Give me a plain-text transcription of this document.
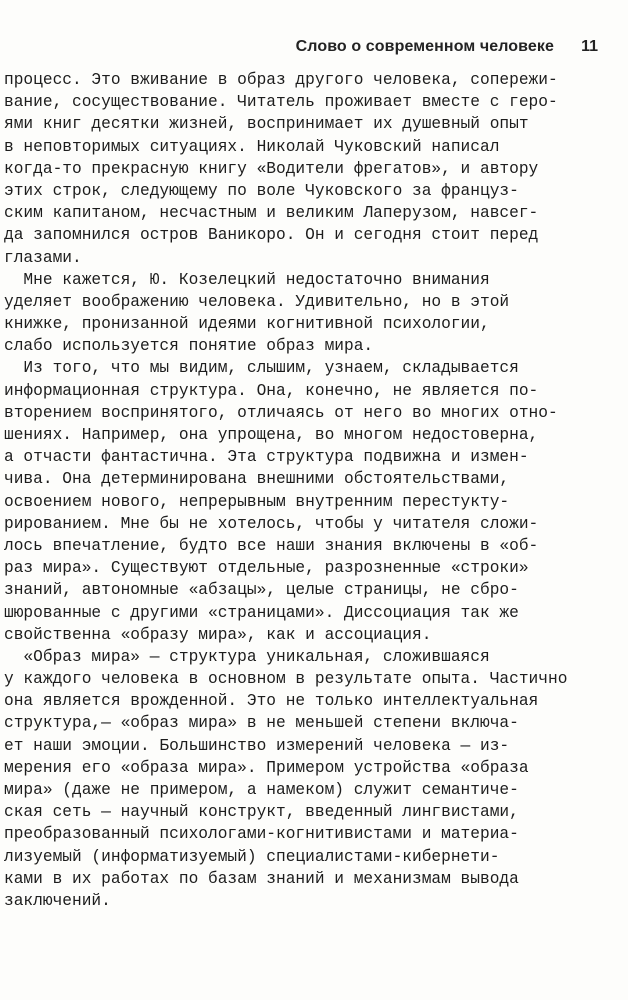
Слово о современном человеке 11
процесс. Это вживание в образ другого человека, сопережи-
вание, сосуществование. Читатель проживает вместе с геро-
ями книг десятки жизней, воспринимает их душевный опыт
в неповторимых ситуациях. Николай Чуковский написал
когда-то прекрасную книгу «Водители фрегатов», и автору
этих строк, следующему по воле Чуковского за француз-
ским капитаном, несчастным и великим Лаперузом, навсег-
да запомнился остров Ваникоро. Он и сегодня стоит перед
глазами.
Мне кажется, Ю. Козелецкий недостаточно внимания
уделяет воображению человека. Удивительно, но в этой
книжке, пронизанной идеями когнитивной психологии,
слабо используется понятие образ мира.
Из того, что мы видим, слышим, узнаем, складывается
информационная структура. Она, конечно, не является по-
вторением воспринятого, отличаясь от него во многих отно-
шениях. Например, она упрощена, во многом недостоверна,
а отчасти фантастична. Эта структура подвижна и измен-
чива. Она детерминирована внешними обстоятельствами,
освоением нового, непрерывным внутренним перестукту-
рированием. Мне бы не хотелось, чтобы у читателя сложи-
лось впечатление, будто все наши знания включены в «об-
раз мира». Существуют отдельные, разрозненные «строки»
знаний, автономные «абзацы», целые страницы, не сбро-
шюрованные с другими «страницами». Диссоциация так же
свойственна «образу мира», как и ассоциация.
«Образ мира» — структура уникальная, сложившаяся
у каждого человека в основном в результате опыта. Частично
она является врожденной. Это не только интеллектуальная
структура,— «образ мира» в не меньшей степени включа-
ет наши эмоции. Большинство измерений человека — из-
мерения его «образа мира». Примером устройства «образа
мира» (даже не примером, а намеком) служит семантиче-
ская сеть — научный конструкт, введенный лингвистами,
преобразованный психологами-когнитивистами и материа-
лизуемый (информатизуемый) специалистами-кибернети-
ками в их работах по базам знаний и механизмам вывода
заключений.
